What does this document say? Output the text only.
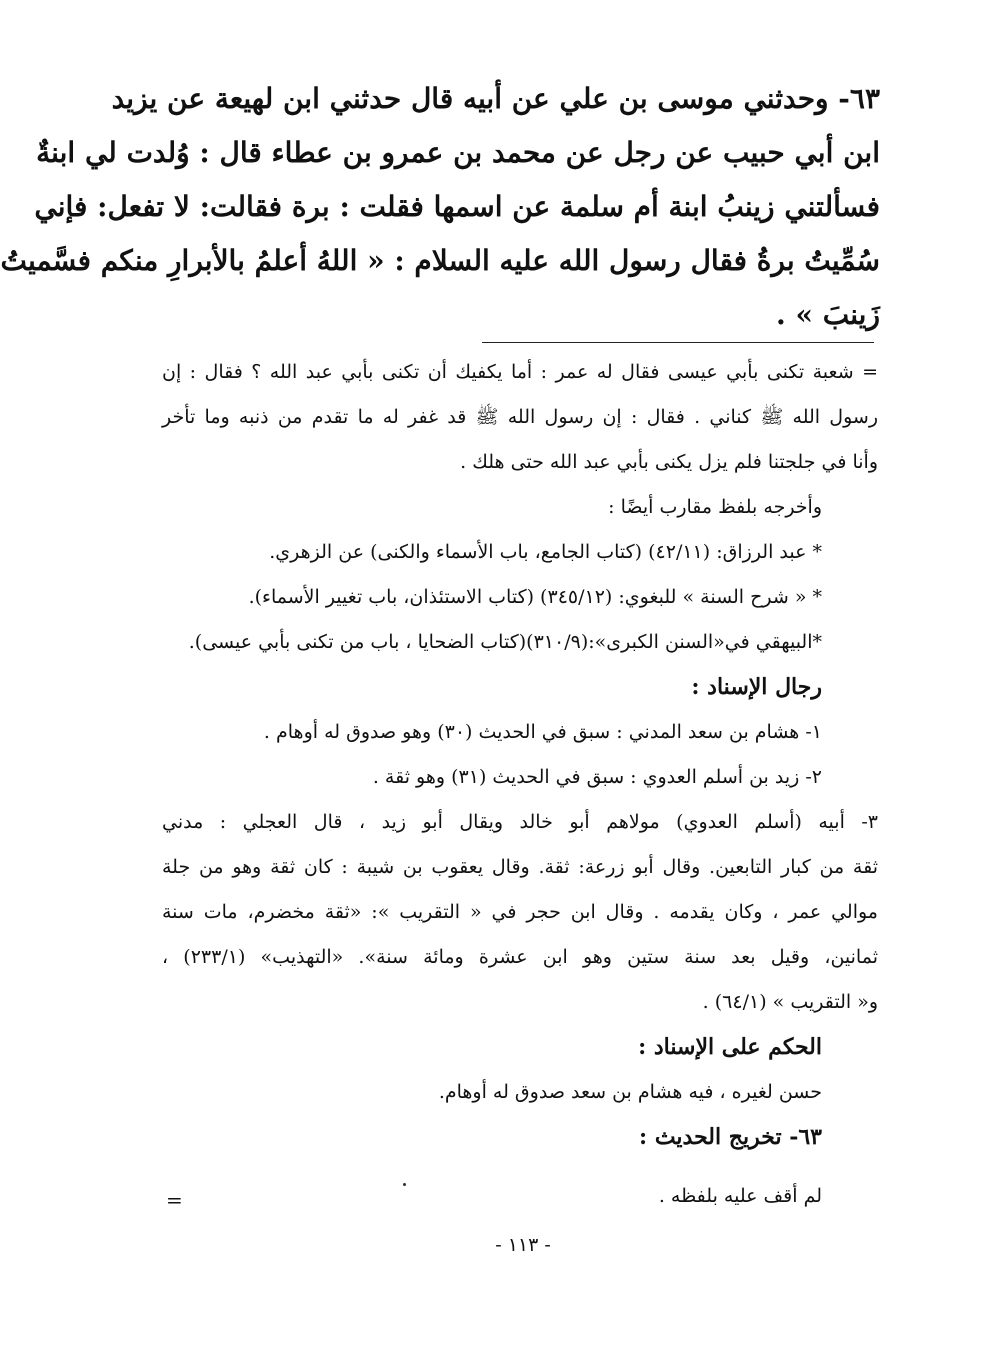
٦٣- وحدثني موسى بن علي عن أبيه قال حدثني ابن لهيعة عن يزيد
ابن أبي حبيب عن رجل عن محمد بن عمرو بن عطاء قال : وُلدت لي ابنةٌ
فسألتني زينبُ ابنة أم سلمة عن اسمها فقلت : برة فقالت: لا تفعل: فإني
سُمِّيتُ برةُ فقال رسول الله عليه السلام : « اللهُ أعلمُ بالأبرارِ منكم فسَّميتُ
زَينبَ » .
= شعبة تكنى بأبي عيسى فقال له عمر : أما يكفيك أن تكنى بأبي عبد الله ؟ فقال : إن
رسول الله ﷺ كناني . فقال : إن رسول الله ﷺ قد غفر له ما تقدم من ذنبه وما تأخر
وأنا في جلجتنا فلم يزل يكنى بأبي عبد الله حتى هلك .
وأخرجه بلفظ مقارب أيضًا :
* عبد الرزاق: (٤٢/١١) (كتاب الجامع، باب الأسماء والكنى) عن الزهري.
* « شرح السنة » للبغوي: (٣٤٥/١٢) (كتاب الاستئذان، باب تغيير الأسماء).
*البيهقي في«السنن الكبرى»:(٣١٠/٩)(كتاب الضحايا ، باب من تكنى بأبي عيسى).
رجال الإسناد :
١- هشام بن سعد المدني : سبق في الحديث (٣٠) وهو صدوق له أوهام .
٢- زيد بن أسلم العدوي : سبق في الحديث (٣١) وهو ثقة .
٣- أبيه (أسلم العدوي) مولاهم أبو خالد ويقال أبو زيد ، قال العجلي : مدني
ثقة من كبار التابعين. وقال أبو زرعة: ثقة. وقال يعقوب بن شيبة : كان ثقة وهو من جلة
موالي عمر ، وكان يقدمه . وقال ابن حجر في « التقريب »: «ثقة مخضرم، مات سنة
ثمانين، وقيل بعد سنة ستين وهو ابن عشرة ومائة سنة». «التهذيب» (٢٣٣/١) ،
و« التقريب » (٦٤/١) .
الحكم على الإسناد :
حسن لغيره ، فيه هشام بن سعد صدوق له أوهام.
٦٣- تخريج الحديث :
لم أقف عليه بلفظه .
=
- ١١٣ -
